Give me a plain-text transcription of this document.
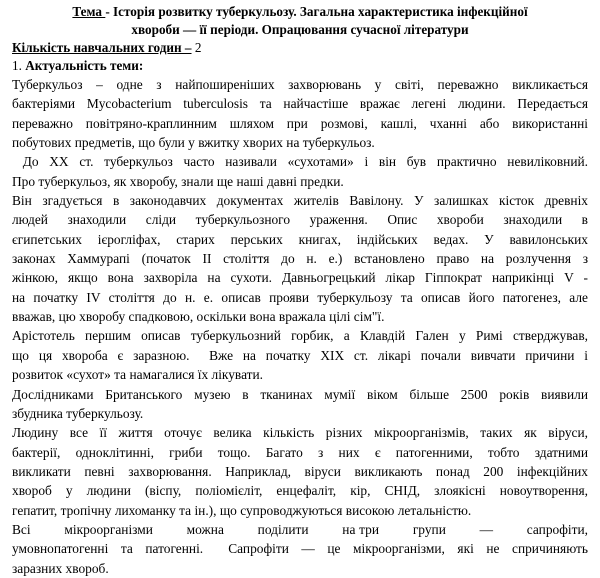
Тема - Історія розвитку туберкульозу. Загальна характеристика інфекційної
хвороби — її періоди. Опрацювання сучасної літератури

Кількість навчальних годин – 2

1. Актуальність теми:

Туберкульоз – одне з найпоширеніших захворювань у світі, переважно викликається
бактеріями Mycobacterium tuberculosis та найчастіше вражає легені людини. Передається
переважно повітряно-краплинним шляхом при розмові, кашлі, чханні або використанні
побутових предметів, що були у вжитку хворих на туберкульоз.

До XX ст. туберкульоз часто називали «сухотами» і він був практично невиліковний.
Про туберкульоз, як хворобу, знали ще наші давні предки.

Він згадується в законодавчих документах жителів Вавілону. У залишках кісток древніх
людей знаходили сліди туберкульозного ураження. Опис хвороби знаходили в
єгипетських ієрогліфах, старих перських книгах, індійських ведах. У вавилонських
законах Хаммурапі (початок II століття до н. е.) встановлено право на розлучення з
жінкою, якщо вона захворіла на сухоти. Давньогрецький лікар Гіппократ наприкінці V -
на початку IV століття до н. е. описав прояви туберкульозу та описав його патогенез, але
вважав, цю хворобу спадковою, оскільки вона вражала цілі сім"ї.

Арістотель першим описав туберкульозний горбик, а Клавдій Гален у Римі стверджував,
що ця хвороба є заразною.  Вже на початку XIX ст. лікарі почали вивчати причини і
розвиток «сухот» та намагалися їх лікувати.

Дослідниками Британського музею в тканинах мумії віком більше 2500 років виявили
збудника туберкульозу.

Людину все її життя оточує велика кількість різних мікроорганізмів, таких як віруси,
бактерії, одноклітинні, гриби тощо. Багато з них є патогенними, тобто здатними
викликати певні захворювання. Наприклад, віруси викликають понад 200 інфекційних
хвороб у людини (віспу, поліомієліт, енцефаліт, кір, СНІД, злоякісні новоутворення,
гепатит, тропічну лихоманку та ін.), що супроводжуються високою летальністю.

Всі         мікроорганізми         можна         поділити         на три         групи         —         сапрофіти,
умовнопатогенні та патогенні.  Сапрофіти — це мікроорганізми, які не спричиняють
заразних хвороб.
